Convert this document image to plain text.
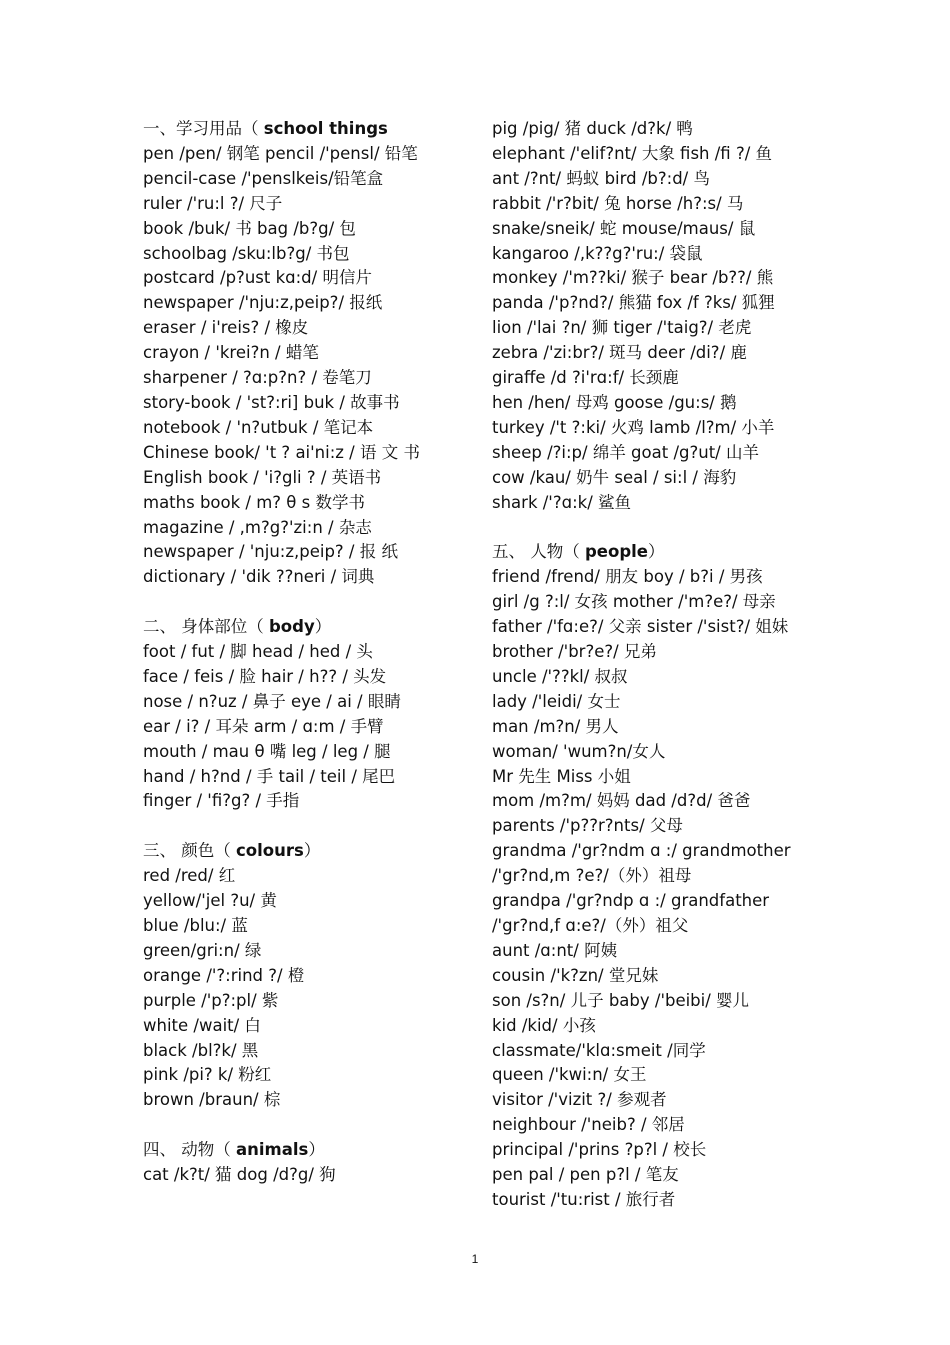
一、学习用品（ school things
pen /pen/ 钢笔 pencil /'pensl/ 铅笔
pencil-case /'penslkeis/铅笔盒
ruler /'ru:l ?/ 尺子
book /buk/ 书 bag /b?g/ 包
schoolbag /sku:lb?g/ 书包
postcard /p?ust kɑ:d/ 明信片
newspaper /'nju:z,peip?/ 报纸
eraser / i'reis? / 橡皮
crayon / 'krei?n / 蜡笔
sharpener / ?ɑ:p?n? / 卷笔刀
story-book / 'st?:ri] buk / 故事书
notebook / 'n?utbuk / 笔记本
Chinese book/ 't ? ai'ni:z / 语 文 书
English book / 'i?gli ? / 英语书
maths book / m? θ s 数学书
magazine / ,m?g?'zi:n / 杂志
newspaper / 'nju:z,peip? / 报 纸
dictionary / 'dik ??neri / 词典
二、 身体部位（ body）
foot / fut / 脚 head / hed / 头
face / feis / 脸 hair / h?? / 头发
nose / n?uz / 鼻子 eye / ai / 眼睛
ear / i? / 耳朵 arm / ɑ:m / 手臂
mouth / mau θ 嘴 leg / leg / 腿
hand / h?nd / 手 tail / teil / 尾巴
finger / 'fi?g? / 手指
三、 颜色（ colours）
red /red/ 红
yellow/'jel ?u/ 黄
blue /blu:/ 蓝
green/gri:n/ 绿
orange /'?:rind ?/ 橙
purple /'p?:pl/ 紫
white /wait/ 白
black /bl?k/ 黑
pink /pi? k/ 粉红
brown /braun/ 棕
四、 动物（ animals）
cat /k?t/ 猫 dog /d?g/ 狗
pig /pig/ 猪 duck /d?k/ 鸭
elephant /'elif?nt/ 大象 fish /fi ?/ 鱼
ant /?nt/ 蚂蚁 bird /b?:d/ 鸟
rabbit /'r?bit/ 兔 horse /h?:s/ 马
snake/sneik/ 蛇 mouse/maus/ 鼠
kangaroo /,k??g?'ru:/ 袋鼠
monkey /'m??ki/ 猴子 bear /b??/ 熊
panda /'p?nd?/ 熊猫 fox /f ?ks/ 狐狸
lion /'lai ?n/ 狮 tiger /'taig?/ 老虎
zebra /'zi:br?/ 斑马 deer /di?/ 鹿
giraffe /d ?i'rɑ:f/ 长颈鹿
hen /hen/ 母鸡 goose /gu:s/ 鹅
turkey /'t ?:ki/ 火鸡 lamb /l?m/ 小羊
sheep /?i:p/ 绵羊 goat /g?ut/ 山羊
cow /kau/ 奶牛 seal / si:l / 海豹
shark /'?ɑ:k/ 鲨鱼
五、 人物（ people）
friend /frend/ 朋友 boy / b?i / 男孩
girl /g ?:l/ 女孩 mother /'m?e?/ 母亲
father /'fɑ:e?/ 父亲 sister /'sist?/ 姐妹
brother /'br?e?/ 兄弟
uncle /'??kl/ 叔叔
lady /'leidi/ 女士
man /m?n/ 男人
woman/ 'wum?n/女人
Mr 先生 Miss 小姐
mom /m?m/ 妈妈 dad /d?d/ 爸爸
parents /'p??r?nts/ 父母
grandma /'gr?ndm ɑ :/ grandmother
/'gr?nd,m ?e?/（外）祖母
grandpa /'gr?ndp ɑ :/ grandfather
/'gr?nd,f ɑ:e?/（外）祖父
aunt /ɑ:nt/ 阿姨
cousin /'k?zn/ 堂兄妹
son /s?n/ 儿子 baby /'beibi/ 婴儿
kid /kid/ 小孩
classmate/'klɑ:smeit /同学
queen /'kwi:n/ 女王
visitor /'vizit ?/ 参观者
neighbour /'neib? / 邻居
principal /'prins ?p?l / 校长
pen pal / pen p?l / 笔友
tourist /'tu:rist / 旅行者
1
